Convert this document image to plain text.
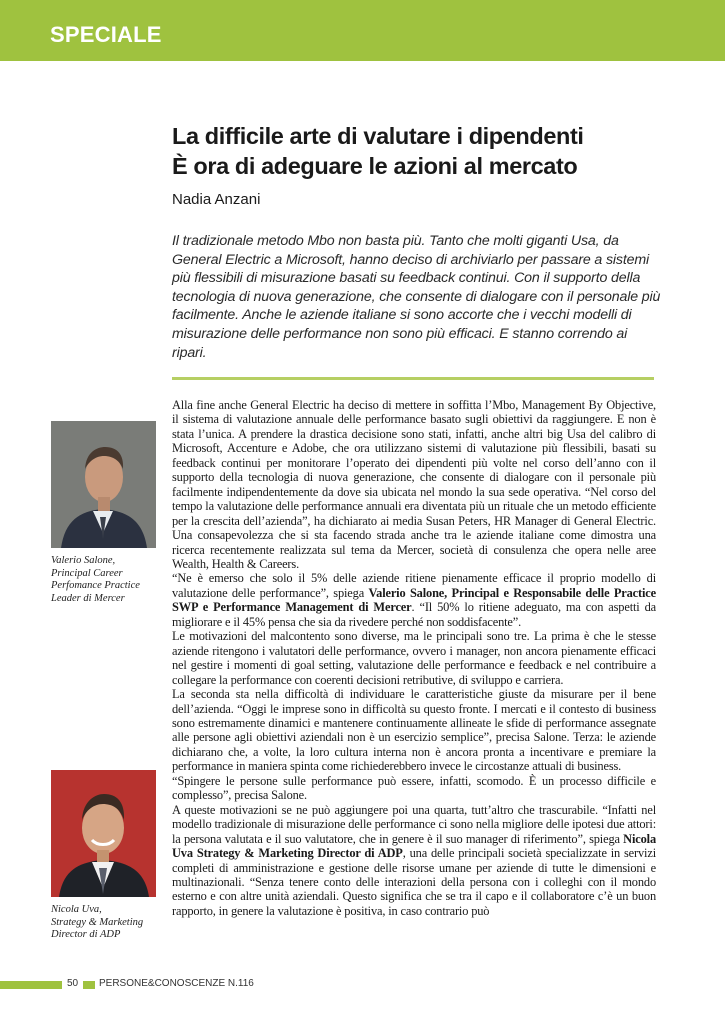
SPECIALE
La difficile arte di valutare i dipendenti
È ora di adeguare le azioni al mercato
Nadia Anzani

Il tradizionale metodo Mbo non basta più. Tanto che molti giganti Usa, da General Electric a Microsoft, hanno deciso di archiviarlo per passare a sistemi più flessibili di misurazione basati su feedback continui. Con il supporto della tecnologia di nuova generazione, che consente di dialogare con il personale più facilmente. Anche le aziende italiane si sono accorte che i vecchi modelli di misurazione delle performance non sono più efficaci. E stanno correndo ai ripari.

Valerio Salone,
Principal Career
Perfomance Practice
Leader di Mercer

Nicola Uva,
Strategy & Marketing
Director di ADP

Alla fine anche General Electric ha deciso di mettere in soffitta l’Mbo, Management By Objective, il sistema di valutazione annuale delle performance basato sugli obiettivi da raggiungere. E non è stata l’unica. A prendere la drastica decisione sono stati, infatti, anche altri big Usa del calibro di Microsoft, Accenture e Adobe, che ora utilizzano sistemi di valutazione più flessibili, basati su feedback continui per monitorare l’operato dei dipendenti più volte nel corso dell’anno con il supporto della tecnologia di nuova generazione, che consente di dialogare con il personale più facilmente indipendentemente da dove sia ubicata nel mondo la sua sede operativa. “Nel corso del tempo la valutazione delle performance annuali era diventata più un rituale che un metodo efficiente per la crescita dell’azienda”, ha dichiarato ai media Susan Peters, HR Manager di General Electric. Una consapevolezza che si sta facendo strada anche tra le aziende italiane come dimostra una ricerca recentemente realizzata sul tema da Mercer, società di consulenza che opera nelle aree Wealth, Health & Careers.
“Ne è emerso che solo il 5% delle aziende ritiene pienamente efficace il proprio modello di valutazione delle performance”, spiega Valerio Salone, Principal e Responsabile delle Practice SWP e Performance Management di Mercer. “Il 50% lo ritiene adeguato, ma con aspetti da migliorare e il 45% pensa che sia da rivedere perché non soddisfacente”.
Le motivazioni del malcontento sono diverse, ma le principali sono tre. La prima è che le stesse aziende ritengono i valutatori delle performance, ovvero i manager, non ancora pienamente efficaci nel gestire i momenti di goal setting, valutazione delle performance e feedback e nel contribuire a collegare la performance con coerenti decisioni retributive, di sviluppo e carriera.
La seconda sta nella difficoltà di individuare le caratteristiche giuste da misurare per il bene dell’azienda. “Oggi le imprese sono in difficoltà su questo fronte. I mercati e il contesto di business sono estremamente dinamici e mantenere continuamente allineate le sfide di performance assegnate alle persone agli obiettivi aziendali non è un esercizio semplice”, precisa Salone. Terza: le aziende dichiarano che, a volte, la loro cultura interna non è ancora pronta a incentivare e premiare la performance in maniera spinta come richiederebbero invece le circostanze attuali di business.
“Spingere le persone sulle performance può essere, infatti, scomodo. È un processo difficile e complesso”, precisa Salone.
A queste motivazioni se ne può aggiungere poi una quarta, tutt’altro che trascurabile. “Infatti nel modello tradizionale di misurazione delle performance ci sono nella migliore delle ipotesi due attori: la persona valutata e il suo valutatore, che in genere è il suo manager di riferimento”, spiega Nicola Uva Strategy & Marketing Director di ADP, una delle principali società specializzate in servizi completi di amministrazione e gestione delle risorse umane per aziende di tutte le dimensioni e multinazionali. “Senza tenere conto delle interazioni della persona con i colleghi con il mondo esterno e con altre unità aziendali. Questo significa che se tra il capo e il collaboratore c’è un buon rapporto, in genere la valutazione è positiva, in caso contrario può
50 PERSONE&CONOSCENZE N.116
